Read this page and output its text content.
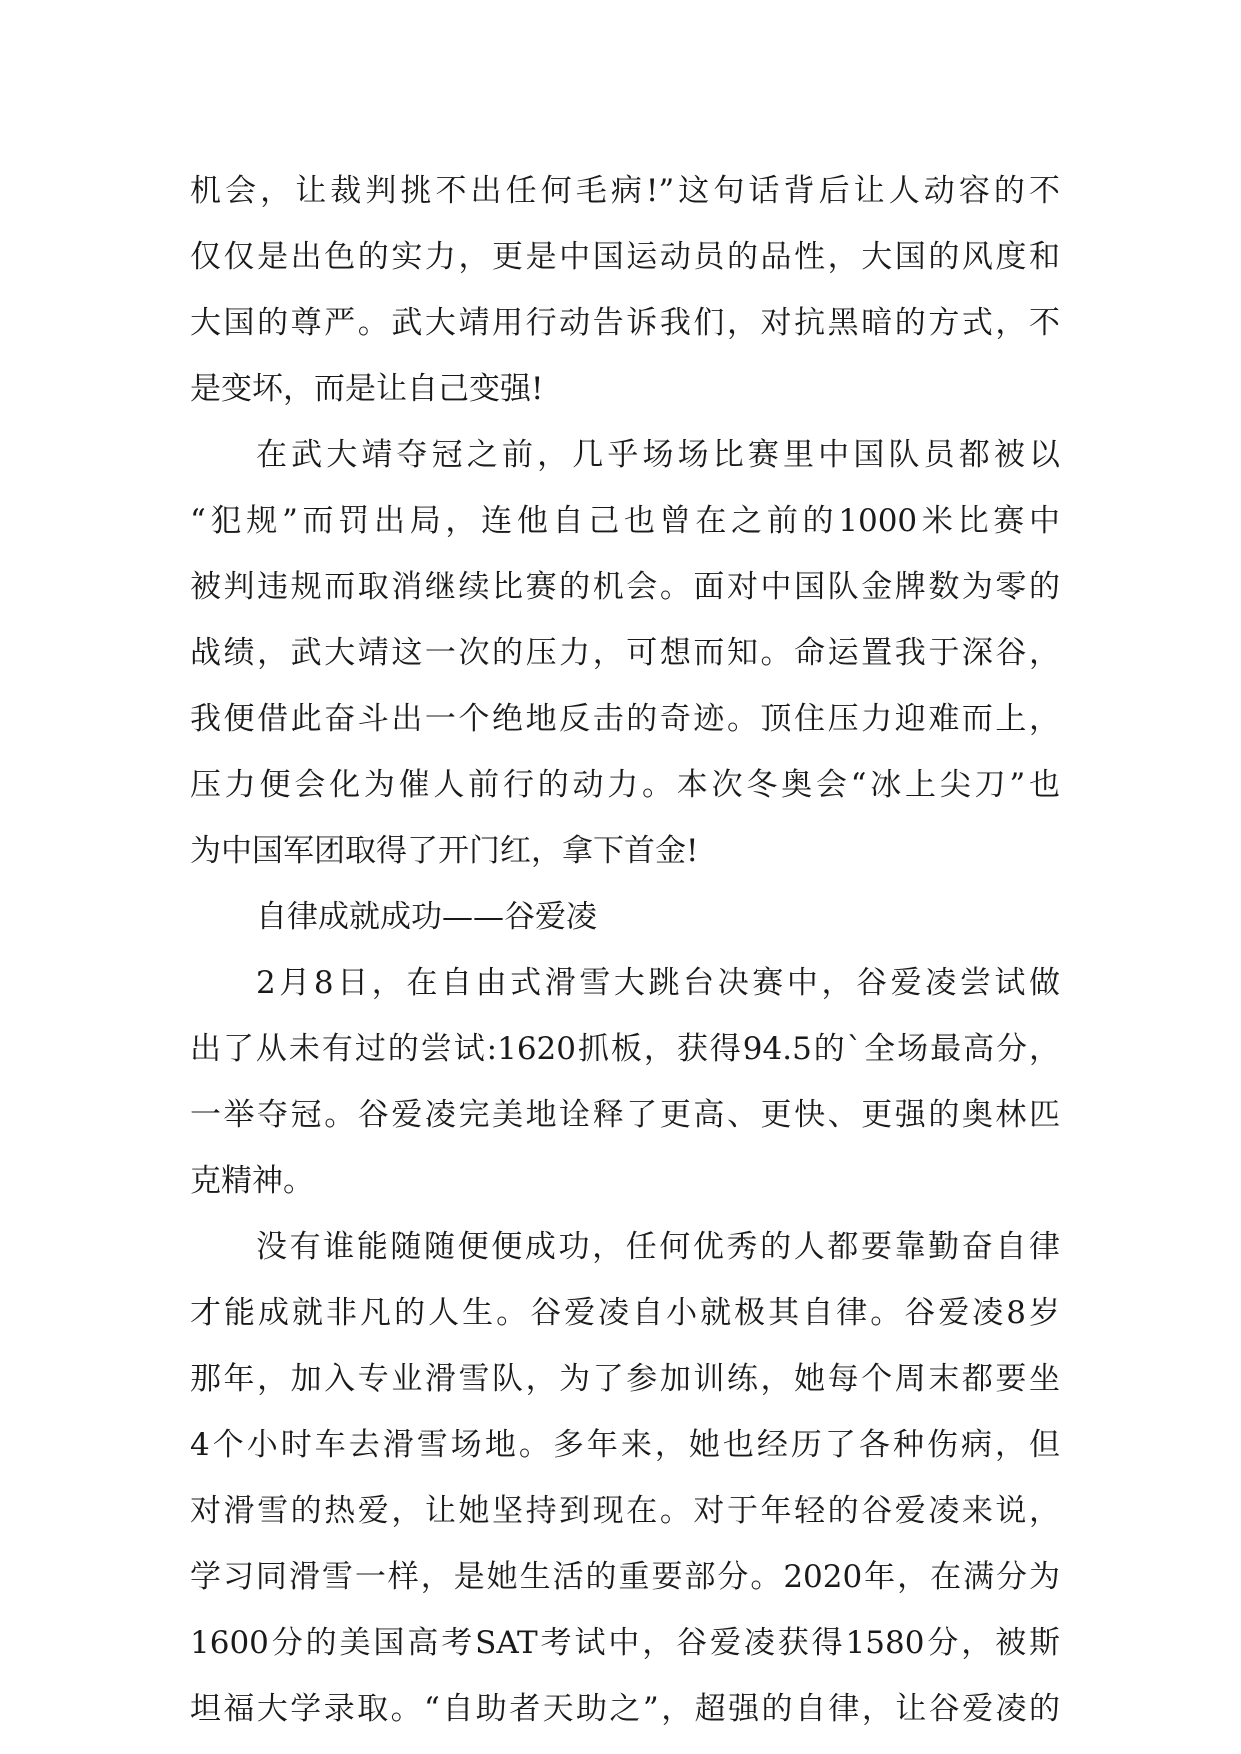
机会，让裁判挑不出任何毛病!”这句话背后让人动容的不
仅仅是出色的实力，更是中国运动员的品性，大国的风度和
大国的尊严。武大靖用行动告诉我们，对抗黑暗的方式，不
是变坏，而是让自己变强!
在武大靖夺冠之前，几乎场场比赛里中国队员都被以
“犯规”而罚出局，连他自己也曾在之前的1000米比赛中
被判违规而取消继续比赛的机会。面对中国队金牌数为零的
战绩，武大靖这一次的压力，可想而知。命运置我于深谷，
我便借此奋斗出一个绝地反击的奇迹。顶住压力迎难而上，
压力便会化为催人前行的动力。本次冬奥会“冰上尖刀”也
为中国军团取得了开门红，拿下首金!
自律成就成功——谷爱凌
2月8日，在自由式滑雪大跳台决赛中，谷爱凌尝试做
出了从未有过的尝试:1620抓板，获得94.5的`全场最高分，
一举夺冠。谷爱凌完美地诠释了更高、更快、更强的奥林匹
克精神。
没有谁能随随便便成功，任何优秀的人都要靠勤奋自律
才能成就非凡的人生。谷爱凌自小就极其自律。谷爱凌8岁
那年，加入专业滑雪队，为了参加训练，她每个周末都要坐
4个小时车去滑雪场地。多年来，她也经历了各种伤病，但
对滑雪的热爱，让她坚持到现在。对于年轻的谷爱凌来说，
学习同滑雪一样，是她生活的重要部分。2020年，在满分为
1600分的美国高考SAT考试中，谷爱凌获得1580分，被斯
坦福大学录取。“自助者天助之”，超强的自律，让谷爱凌的
